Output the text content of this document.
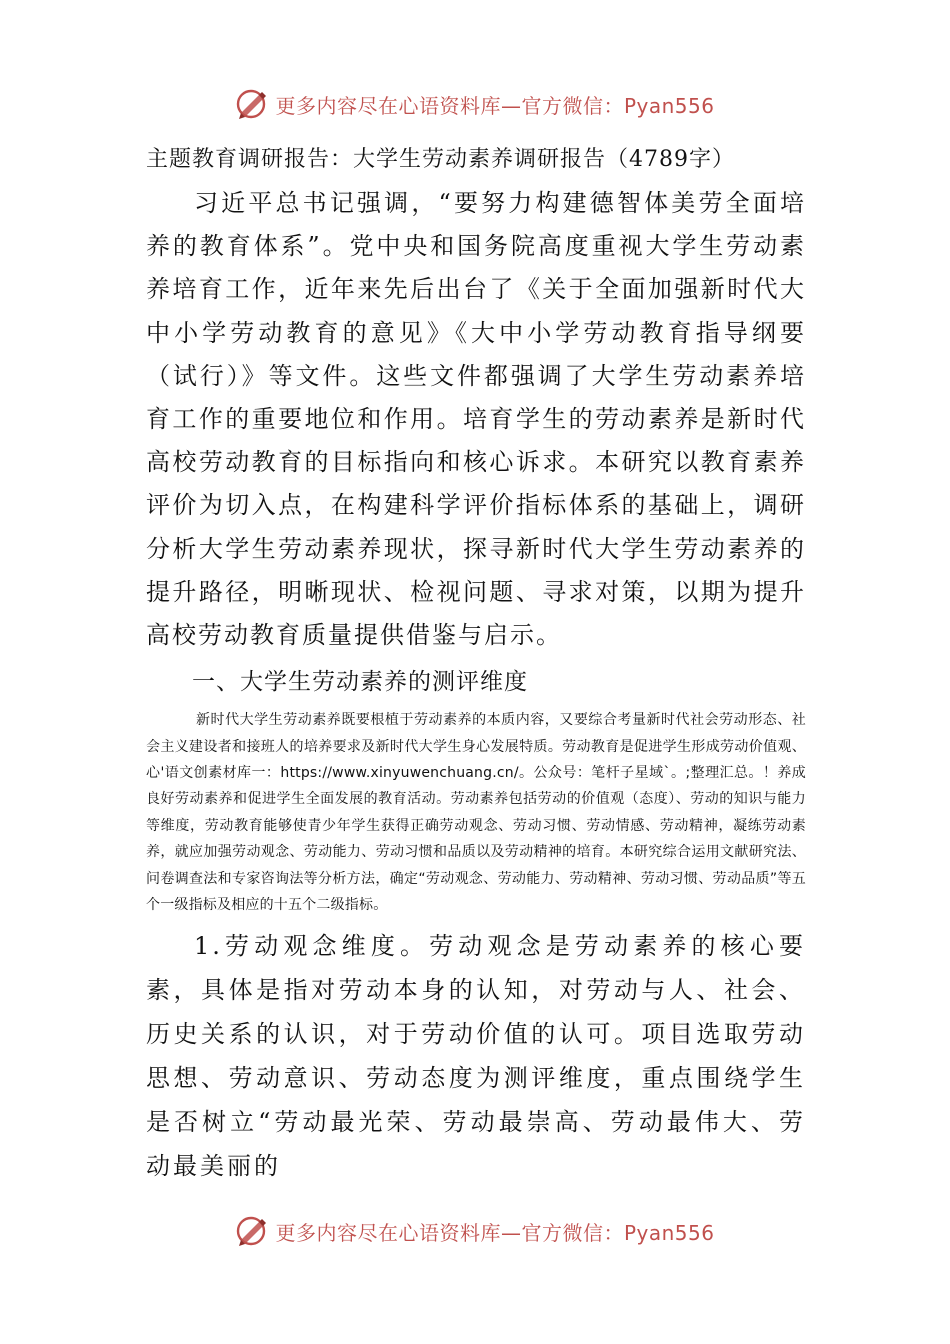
更多内容尽在心语资料库—官方微信：Pyan556
主题教育调研报告：大学生劳动素养调研报告（4789字）

习近平总书记强调，“要努力构建德智体美劳全面培养的教育体系”。党中央和国务院高度重视大学生劳动素养培育工作，近年来先后出台了《关于全面加强新时代大中小学劳动教育的意见》《大中小学劳动教育指导纲要（试行）》等文件。这些文件都强调了大学生劳动素养培育工作的重要地位和作用。培育学生的劳动素养是新时代高校劳动教育的目标指向和核心诉求。本研究以教育素养评价为切入点，在构建科学评价指标体系的基础上，调研分析大学生劳动素养现状，探寻新时代大学生劳动素养的提升路径，明晰现状、检视问题、寻求对策，以期为提升高校劳动教育质量提供借鉴与启示。

一、大学生劳动素养的测评维度

新时代大学生劳动素养既要根植于劳动素养的本质内容，又要综合考量新时代社会劳动形态、社会主义建设者和接班人的培养要求及新时代大学生身心发展特质。劳动教育是促进学生形成劳动价值观、心'语文创素材库一：https://www.xinyuwenchuang.cn/。公众号：笔杆子星域`。;整理汇总。！养成良好劳动素养和促进学生全面发展的教育活动。劳动素养包括劳动的价值观（态度）、劳动的知识与能力等维度，劳动教育能够使青少年学生获得正确劳动观念、劳动习惯、劳动情感、劳动精神，凝练劳动素养，就应加强劳动观念、劳动能力、劳动习惯和品质以及劳动精神的培育。本研究综合运用文献研究法、问卷调查法和专家咨询法等分析方法，确定“劳动观念、劳动能力、劳动精神、劳动习惯、劳动品质”等五个一级指标及相应的十五个二级指标。

1.劳动观念维度。劳动观念是劳动素养的核心要素，具体是指对劳动本身的认知，对劳动与人、社会、历史关系的认识，对于劳动价值的认可。项目选取劳动思想、劳动意识、劳动态度为测评维度，重点围绕学生是否树立“劳动最光荣、劳动最崇高、劳动最伟大、劳动最美丽的

更多内容尽在心语资料库—官方微信：Pyan556
